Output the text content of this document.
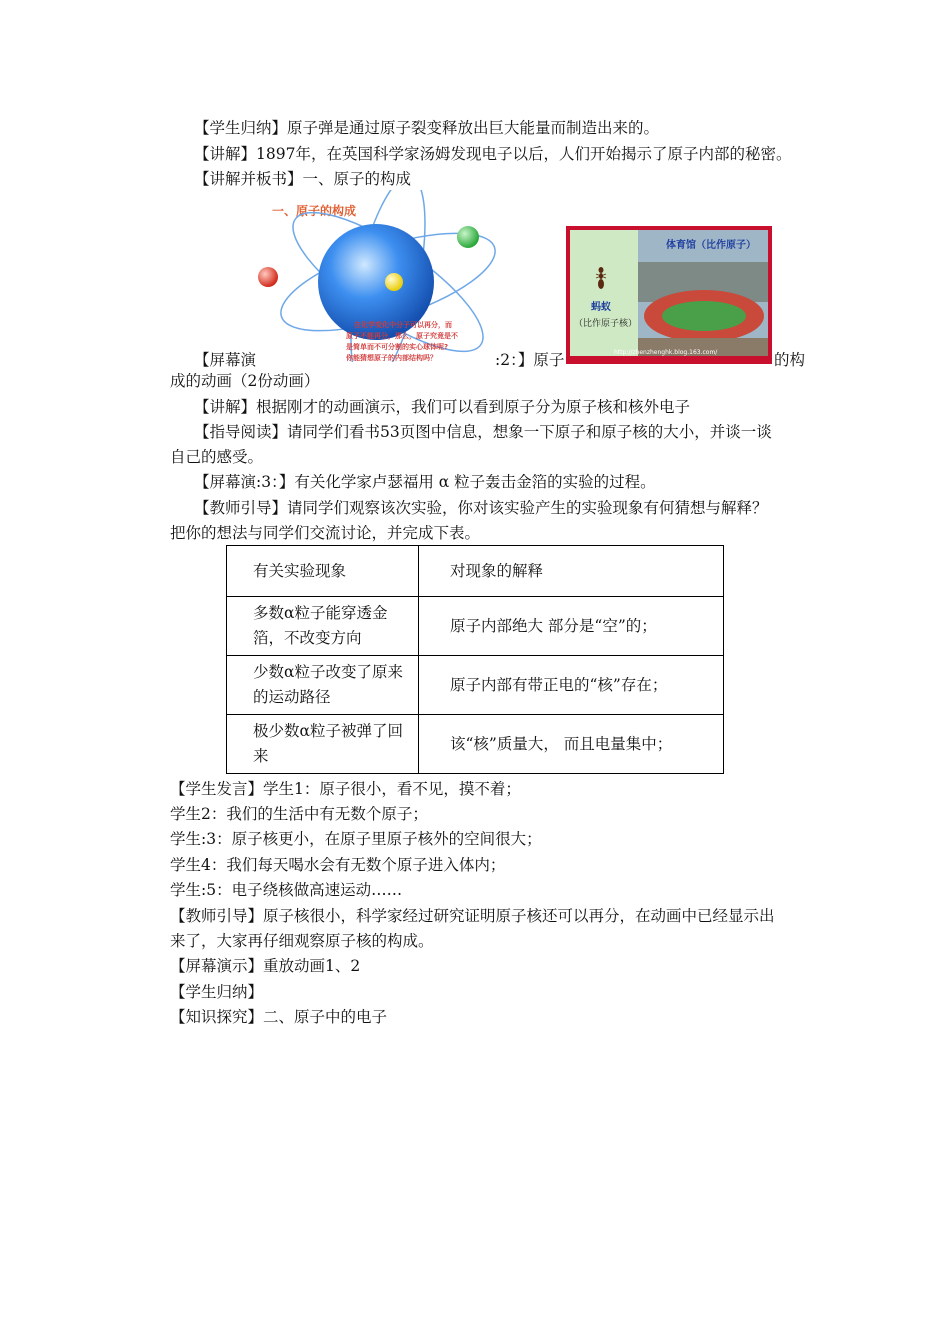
【学生归纳】原子弹是通过原子裂变释放出巨大能量而制造出来的。
【讲解】1897年，在英国科学家汤姆发现电子以后，人们开始揭示了原子内部的秘密。
【讲解并板书】一、原子的构成
一、原子的构成
在化学变化中分子可以再分，而
原子不能再分，那么，原子究竟是不
是简单而不可分割的实心球体呢?
你能猜想原子的内部结构吗？
体育馆（比作原子）
蚂蚁
（比作原子核）
http://zhenzhenghk.blog.163.com/
【屏幕演	:2：】原子	的构
成的动画（2份动画）
【讲解】根据刚才的动画演示，我们可以看到原子分为原子核和核外电子
【指导阅读】请同学们看书53页图中信息，想象一下原子和原子核的大小，并谈一谈
自己的感受。
【屏幕演:3：】有关化学家卢瑟福用 α 粒子轰击金箔的实验的过程。
【教师引导】请同学们观察该次实验，你对该实验产生的实验现象有何猜想与解释？
把你的想法与同学们交流讨论，并完成下表。
有关实验现象	对现象的解释
多数α粒子能穿透金箔，不改变方向	原子内部绝大 部分是“空”的；
少数α粒子改变了原来的运动路径	原子内部有带正电的“核”存在；
极少数α粒子被弹了回来	该“核”质量大， 而且电量集中；
【学生发言】学生1：原子很小，看不见，摸不着；
学生2：我们的生活中有无数个原子；
学生:3：原子核更小，在原子里原子核外的空间很大；
学生4：我们每天喝水会有无数个原子进入体内；
学生:5：电子绕核做高速运动……
【教师引导】原子核很小，科学家经过研究证明原子核还可以再分，在动画中已经显示出
来了，大家再仔细观察原子核的构成。
【屏幕演示】重放动画1、2
【学生归纳】
【知识探究】二、原子中的电子
